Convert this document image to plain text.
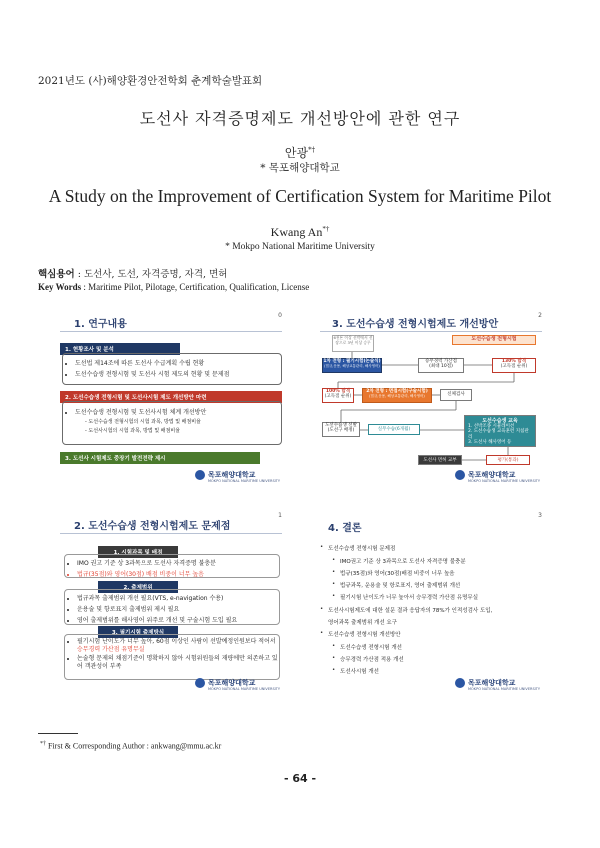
2021년도 (사)해양환경안전학회 춘계학술발표회
도선사 자격증명제도 개선방안에 관한 연구
안광*†
* 목포해양대학교
A Study on the Improvement of Certification System for Maritime Pilot
Kwang An*†
* Mokpo National Maritime University
핵심용어 : 도선사, 도선, 자격증명, 자격, 면허
Key Words : Maritime Pilot, Pilotage, Certification, Qualification, License
0
1. 연구내용
1. 현황조사 및 분석
• 도선법 제14조에 따른 도선사 수급계획 수립 현황
• 도선수습생 전형시험 및 도선사 시험 제도의 현황 및 문제점
2. 도선수습생 전형시험 및 도선사시험 제도 개선방안 마련
• 도선수습생 전형시험 및 도선사시험 체계 개선방안
- 도선수습생 전형시험의 시험 과목, 방법 및 배점비율
- 도선사시험의 시험 과목, 방법 및 배점비율
3. 도선사 시험제도 중장기 발전전략 제시
목포해양대학교
MOKPO NATIONAL MARITIME UNIVERSITY
2
3. 도선수습생 전형시험제도 개선방안
6천톤 이상 선박에서 선장으로 3년 이상 승무
도선수습생 전형시험
1차 전형 : 필기시험(논술식)
(법규,운용, 해상교통관리, 해사영어)
승무경력 가산점
(최대 10점)
130% 합격
(고득점 순위)
100% 합격
(고득점 순위)
2차 전형 : 면접시험(구술시험)
(법규,운용, 해상교통관리, 해사영어)	신체검사
도선수습생 선발
(도선구 배정)	실무수습(6개월)
도선수습생 교육
1. 선박조종 시뮬레이션
2. 도선수습생 교육훈련 지침관리
3. 도선사 해사영어 등
도선사 면허 교부	평가(통과)
목포해양대학교
MOKPO NATIONAL MARITIME UNIVERSITY
1
2. 도선수습생 전형시험제도 문제점
1. 시험과목 및 배점
• IMO 권고 기준 상 3과목으로 도선사 자격증명 불충분
• 법규(35점)와 영어(30점) 배점 비중이 너무 높음
2. 출제범위
• 법규과목 출제범위 개선 필요(VTS, e-navigation 수용)
• 운용술 및 항로표지 출제범위 제시 필요
• 영어 출제범위를 해사영어 위주로 개선 및 구술시험 도입 필요
3. 필기시험 출제방식
• 필기시험 난이도가 너무 높아, 60점 이상인 사람이 선발예정인원보다 적어서 승무경력 가산점 유명무실
• 논술형 문제의 채점기준이 명확하지 않아 시험위원들의 재량에만 의존하고 있어 객관성이 부족
목포해양대학교
MOKPO NATIONAL MARITIME UNIVERSITY
3
4. 결론
• 도선수습생 전형시험 문제점
• IMO권고 기준 상 3과목으로 도선사 자격증명 불충분
• 법규(35점)와 영어(30점)배점 비중이 너무 높음
• 법규과목, 운용술 및 항로표지, 영어 출제범위 개선
• 필기시험 난이도가 너무 높아서 승무경력 가산점 유명무실
• 도선사시험제도에 대한 설문 결과 응답자의 78%가 인적성검사 도입,
영어과목 출제범위 개선 요구
• 도선수습생 전형시험 개선방안
• 도선수습생 전형시험 개선
• 승무경력 가산점 적용 개선
• 도선사시험 개선
목포해양대학교
MOKPO NATIONAL MARITIME UNIVERSITY
*† First & Corresponding Author : ankwang@mmu.ac.kr
- 64 -
